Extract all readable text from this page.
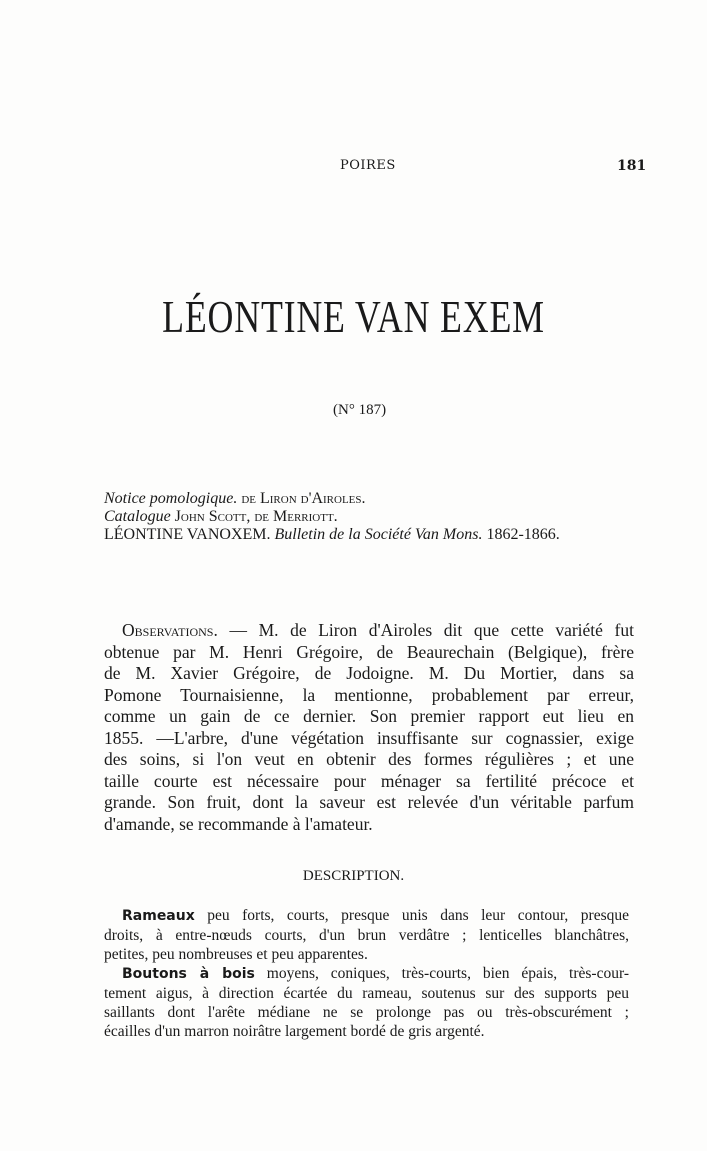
POIRES	181
LÉONTINE VAN EXEM
(N° 187)
Notice pomologique. de Liron d'Airoles.
Catalogue John Scott, de Merriott.
LÉONTINE VANOXEM. Bulletin de la Société Van Mons. 1862-1866.
Observations. — M. de Liron d'Airoles dit que cette variété fut
obtenue par M. Henri Grégoire, de Beaurechain (Belgique), frère
de M. Xavier Grégoire, de Jodoigne. M. Du Mortier, dans sa
Pomone Tournaisienne, la mentionne, probablement par erreur,
comme un gain de ce dernier. Son premier rapport eut lieu en
1855. —L'arbre, d'une végétation insuffisante sur cognassier, exige
des soins, si l'on veut en obtenir des formes régulières ; et une
taille courte est nécessaire pour ménager sa fertilité précoce et
grande. Son fruit, dont la saveur est relevée d'un véritable parfum
d'amande, se recommande à l'amateur.
DESCRIPTION.
Rameaux peu forts, courts, presque unis dans leur contour, presque
droits, à entre-nœuds courts, d'un brun verdâtre ; lenticelles blanchâtres,
petites, peu nombreuses et peu apparentes.
Boutons à bois moyens, coniques, très-courts, bien épais, très-cour-
tement aigus, à direction écartée du rameau, soutenus sur des supports peu
saillants dont l'arête médiane ne se prolonge pas ou très-obscurément ;
écailles d'un marron noirâtre largement bordé de gris argenté.
